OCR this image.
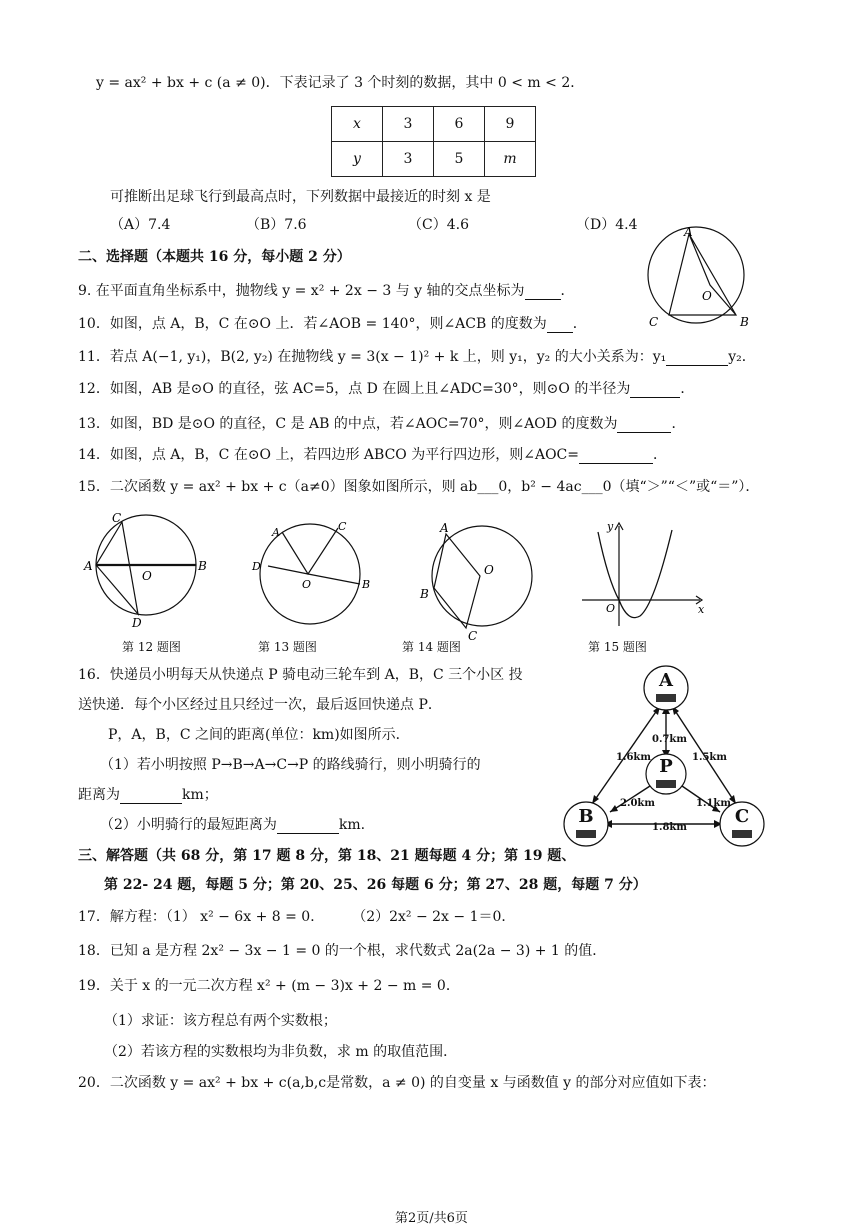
y = ax² + bx + c (a ≠ 0)．下表记录了 3 个时刻的数据，其中 0 < m < 2．
x	3	6	9
y	3	5	m
可推断出足球飞行到最高点时，下列数据中最接近的时刻 x 是
（A）7.4	（B）7.6	（C）4.6	（D）4.4
二、选择题（本题共 16 分，每小题 2 分）
9. 在平面直角坐标系中，抛物线 y = x² + 2x − 3 与 y 轴的交点坐标为	．
10．如图，点 A，B，C 在⊙O 上．若∠AOB = 140°，则∠ACB 的度数为 ．
11．若点 A(−1, y₁)，B(2, y₂) 在抛物线 y = 3(x − 1)² + k 上，则 y₁，y₂ 的大小关系为：y₁	y₂．
12．如图，AB 是⊙O 的直径，弦 AC=5，点 D 在圆上且∠ADC=30°，则⊙O 的半径为	．
13．如图，BD 是⊙O 的直径，C 是 AB 的中点，若∠AOC=70°，则∠AOD 的度数为	．
14．如图，点 A，B，C 在⊙O 上，若四边形 ABCO 为平行四边形，则∠AOC=	．
15．二次函数 y = ax² + bx + c（a≠0）图象如图所示，则 ab___0，b² − 4ac___0（填“＞”“＜”或“＝”）．
A
O
C	B
C
A
O
B
D
A	C
D
O	B
A
O
B
C
y
O	x
第 12 题图	第 13 题图	第 14 题图	第 15 题图
16．快递员小明每天从快递点 P 骑电动三轮车到 A，B，C 三个小区 投
送快递．每个小区经过且只经过一次，最后返回快递点 P．
P，A，B，C 之间的距离(单位：km)如图所示．
（1）若小明按照 P→B→A→C→P 的路线骑行，则小明骑行的
距离为	km；
（2）小明骑行的最短距离为	km.
A
P
B	C
0.7km
1.6km	1.5km
2.0km	1.1km
1.8km
三、解答题（共 68 分，第 17 题 8 分，第 18、21 题每题 4 分；第 19 题、
第 22- 24 题，每题 5 分；第 20、25、26 每题 6 分；第 27、28 题，每题 7 分）
17．解方程：（1） x² − 6x + 8 = 0．　　　（2）2x² − 2x − 1＝0．
18．已知 a 是方程 2x² − 3x − 1 = 0 的一个根，求代数式 2a(2a − 3) + 1 的值．
19．关于 x 的一元二次方程 x² + (m − 3)x + 2 − m = 0．
（1）求证：该方程总有两个实数根；
（2）若该方程的实数根均为非负数，求 m 的取值范围．
20．二次函数 y = ax² + bx + c(a,b,c是常数，a ≠ 0) 的自变量 x 与函数值 y 的部分对应值如下表：
第2页/共6页
